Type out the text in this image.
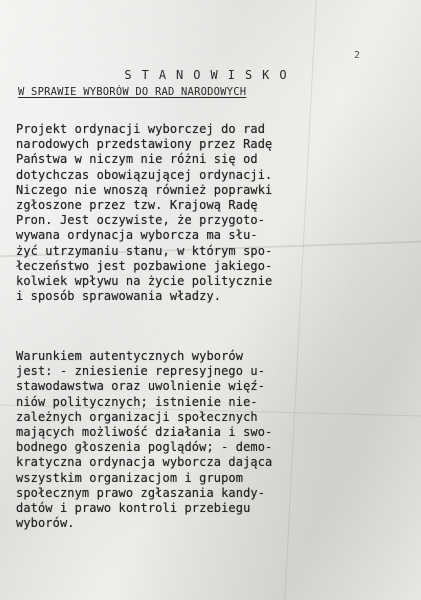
2
STANOWISKO
W SPRAWIE WYBORÓW DO RAD NARODOWYCH
Projekt ordynacji wyborczej do rad
narodowych przedstawiony przez Radę
Państwa w niczym nie różni się od
dotychczas obowiązującej ordynacji.
Niczego nie wnoszą również poprawki
zgłoszone przez tzw. Krajową Radę
Pron. Jest oczywiste, że przygoto-
wywana ordynacja wyborcza ma słu-
żyć utrzymaniu stanu, w którym spo-
łeczeństwo jest pozbawione jakiego-
kolwiek wpływu na życie politycznie
i sposób sprawowania władzy.
Warunkiem autentycznych wyborów
jest: - zniesienie represyjnego u-
stawodawstwa oraz uwolnienie więź-
niów politycznych; istnienie nie-
zależnych organizacji społecznych
mających możliwość działania i swo-
bodnego głoszenia poglądów; - demo-
kratyczna ordynacja wyborcza dająca
wszystkim organizacjom i grupom
społecznym prawo zgłaszania kandy-
datów i prawo kontroli przebiegu
wyborów.
